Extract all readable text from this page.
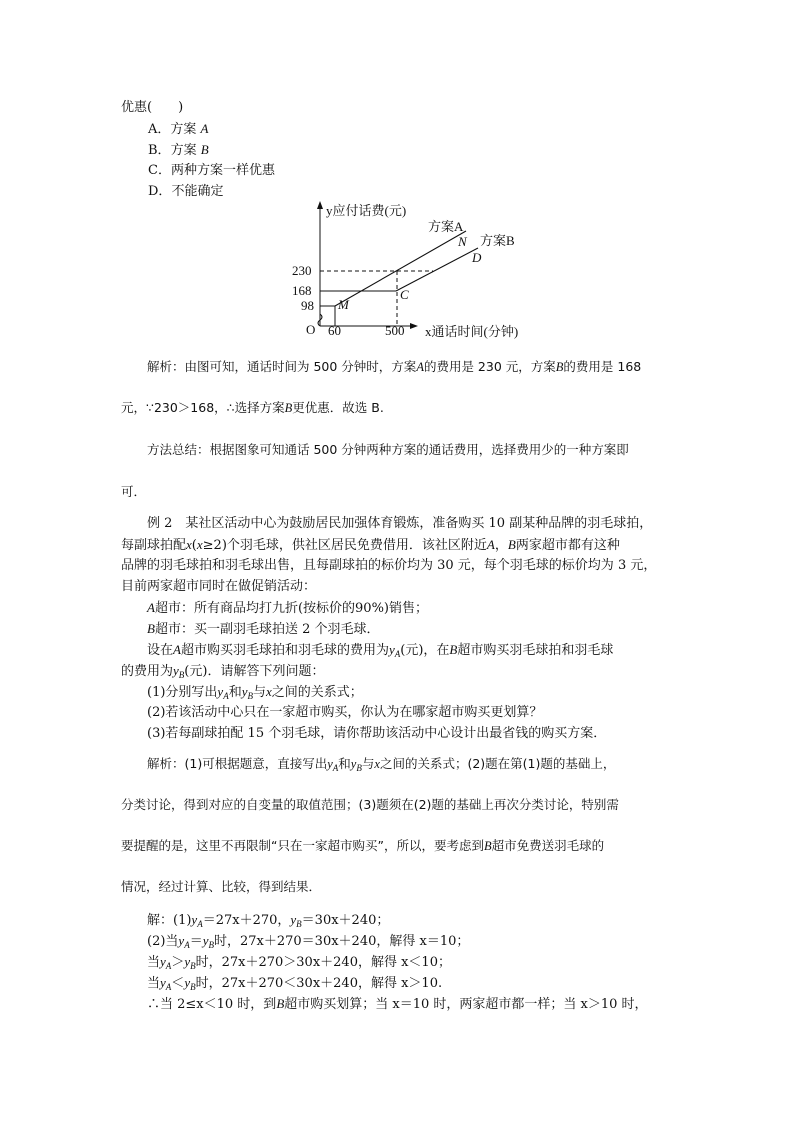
优惠(　　)
A．方案 A
B．方案 B
C．两种方案一样优惠
D．不能确定
y应付话费(元)
x通话时间(分钟)
O
230
168
98
60	500
方案A
方案B
N
D
C
M
解析：由图可知，通话时间为 500 分钟时，方案A的费用是 230 元，方案B的费用是 168
元，∵230＞168，∴选择方案B更优惠．故选 B.
方法总结：根据图象可知通话 500 分钟两种方案的通话费用，选择费用少的一种方案即
可．
例 2　某社区活动中心为鼓励居民加强体育锻炼，准备购买 10 副某种品牌的羽毛球拍，
每副球拍配x(x≥2)个羽毛球，供社区居民免费借用．该社区附近A，B两家超市都有这种
品牌的羽毛球拍和羽毛球出售，且每副球拍的标价均为 30 元，每个羽毛球的标价均为 3 元，
目前两家超市同时在做促销活动：
A超市：所有商品均打九折(按标价的90%)销售；
B超市：买一副羽毛球拍送 2 个羽毛球．
设在A超市购买羽毛球拍和羽毛球的费用为$y_A$(元)，在B超市购买羽毛球拍和羽毛球
的费用为$y_B$(元)．请解答下列问题：
(1)分别写出$y_A$和$y_B$与x之间的关系式；
(2)若该活动中心只在一家超市购买，你认为在哪家超市购买更划算？
(3)若每副球拍配 15 个羽毛球，请你帮助该活动中心设计出最省钱的购买方案．
解析：(1)可根据题意，直接写出$y_A$和$y_B$与x之间的关系式；(2)题在第(1)题的基础上，
分类讨论，得到对应的自变量的取值范围；(3)题须在(2)题的基础上再次分类讨论，特别需
要提醒的是，这里不再限制“只在一家超市购买”，所以，要考虑到B超市免费送羽毛球的
情况，经过计算、比较，得到结果．
解：$(1)y_A=27x+270$，$y_B=30x+240$；
(2)当$y_A=y_B$时，27x＋270＝30x＋240，解得 x＝10；
当$y_A>y_B$时，27x＋270＞30x＋240，解得 x＜10；
当$y_A<y_B$时，27x＋270＜30x＋240，解得 x＞10.
∴当 2≤x＜10 时，到B超市购买划算；当 x＝10 时，两家超市都一样；当 x＞10 时，
